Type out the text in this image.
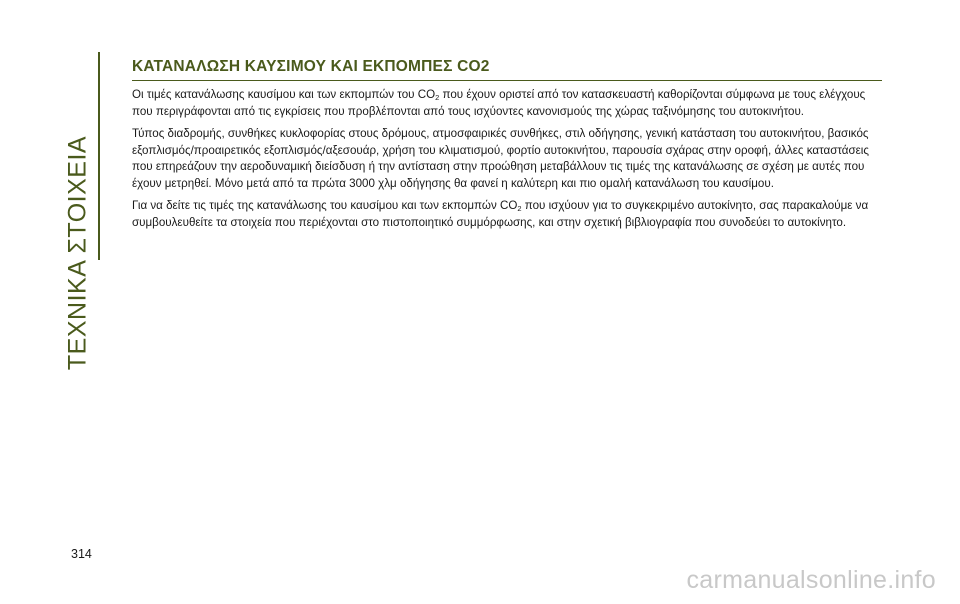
ΤΕΧΝΙΚΑ ΣΤΟΙΧΕΙΑ
ΚΑΤΑΝΑΛΩΣΗ ΚΑΥΣΙΜΟΥ ΚΑΙ ΕΚΠΟΜΠΕΣ CO2

Οι τιμές κατανάλωσης καυσίμου και των εκπομπών του $CO_2$ που έχουν οριστεί από τον κατασκευαστή καθορίζονται σύμφωνα με τους ελέγχους που περιγράφονται από τις εγκρίσεις που προβλέπονται από τους ισχύοντες κανονισμούς της χώρας ταξινόμησης του αυτοκινήτου.

Τύπος διαδρομής, συνθήκες κυκλοφορίας στους δρόμους, ατμοσφαιρικές συνθήκες, στιλ οδήγησης, γενική κατάσταση του αυτοκινήτου, βασικός εξοπλισμός/προαιρετικός εξοπλισμός/αξεσουάρ, χρήση του κλιματισμού, φορτίο αυτοκινήτου, παρουσία σχάρας στην οροφή, άλλες καταστάσεις που επηρεάζουν την αεροδυναμική διείσδυση ή την αντίσταση στην προώθηση μεταβάλλουν τις τιμές της κατανάλωσης σε σχέση με αυτές που έχουν μετρηθεί. Μόνο μετά από τα πρώτα 3000 χλμ οδήγησης θα φανεί η καλύτερη και πιο ομαλή κατανάλωση του καυσίμου.

Για να δείτε τις τιμές της κατανάλωσης του καυσίμου και των εκπομπών $CO_2$ που ισχύουν για το συγκεκριμένο αυτοκίνητο, σας παρακαλούμε να συμβουλευθείτε τα στοιχεία που περιέχονται στο πιστοποιητικό συμμόρφωσης, και στην σχετική βιβλιογραφία που συνοδεύει το αυτοκίνητο.

314
carmanualsonline.info
